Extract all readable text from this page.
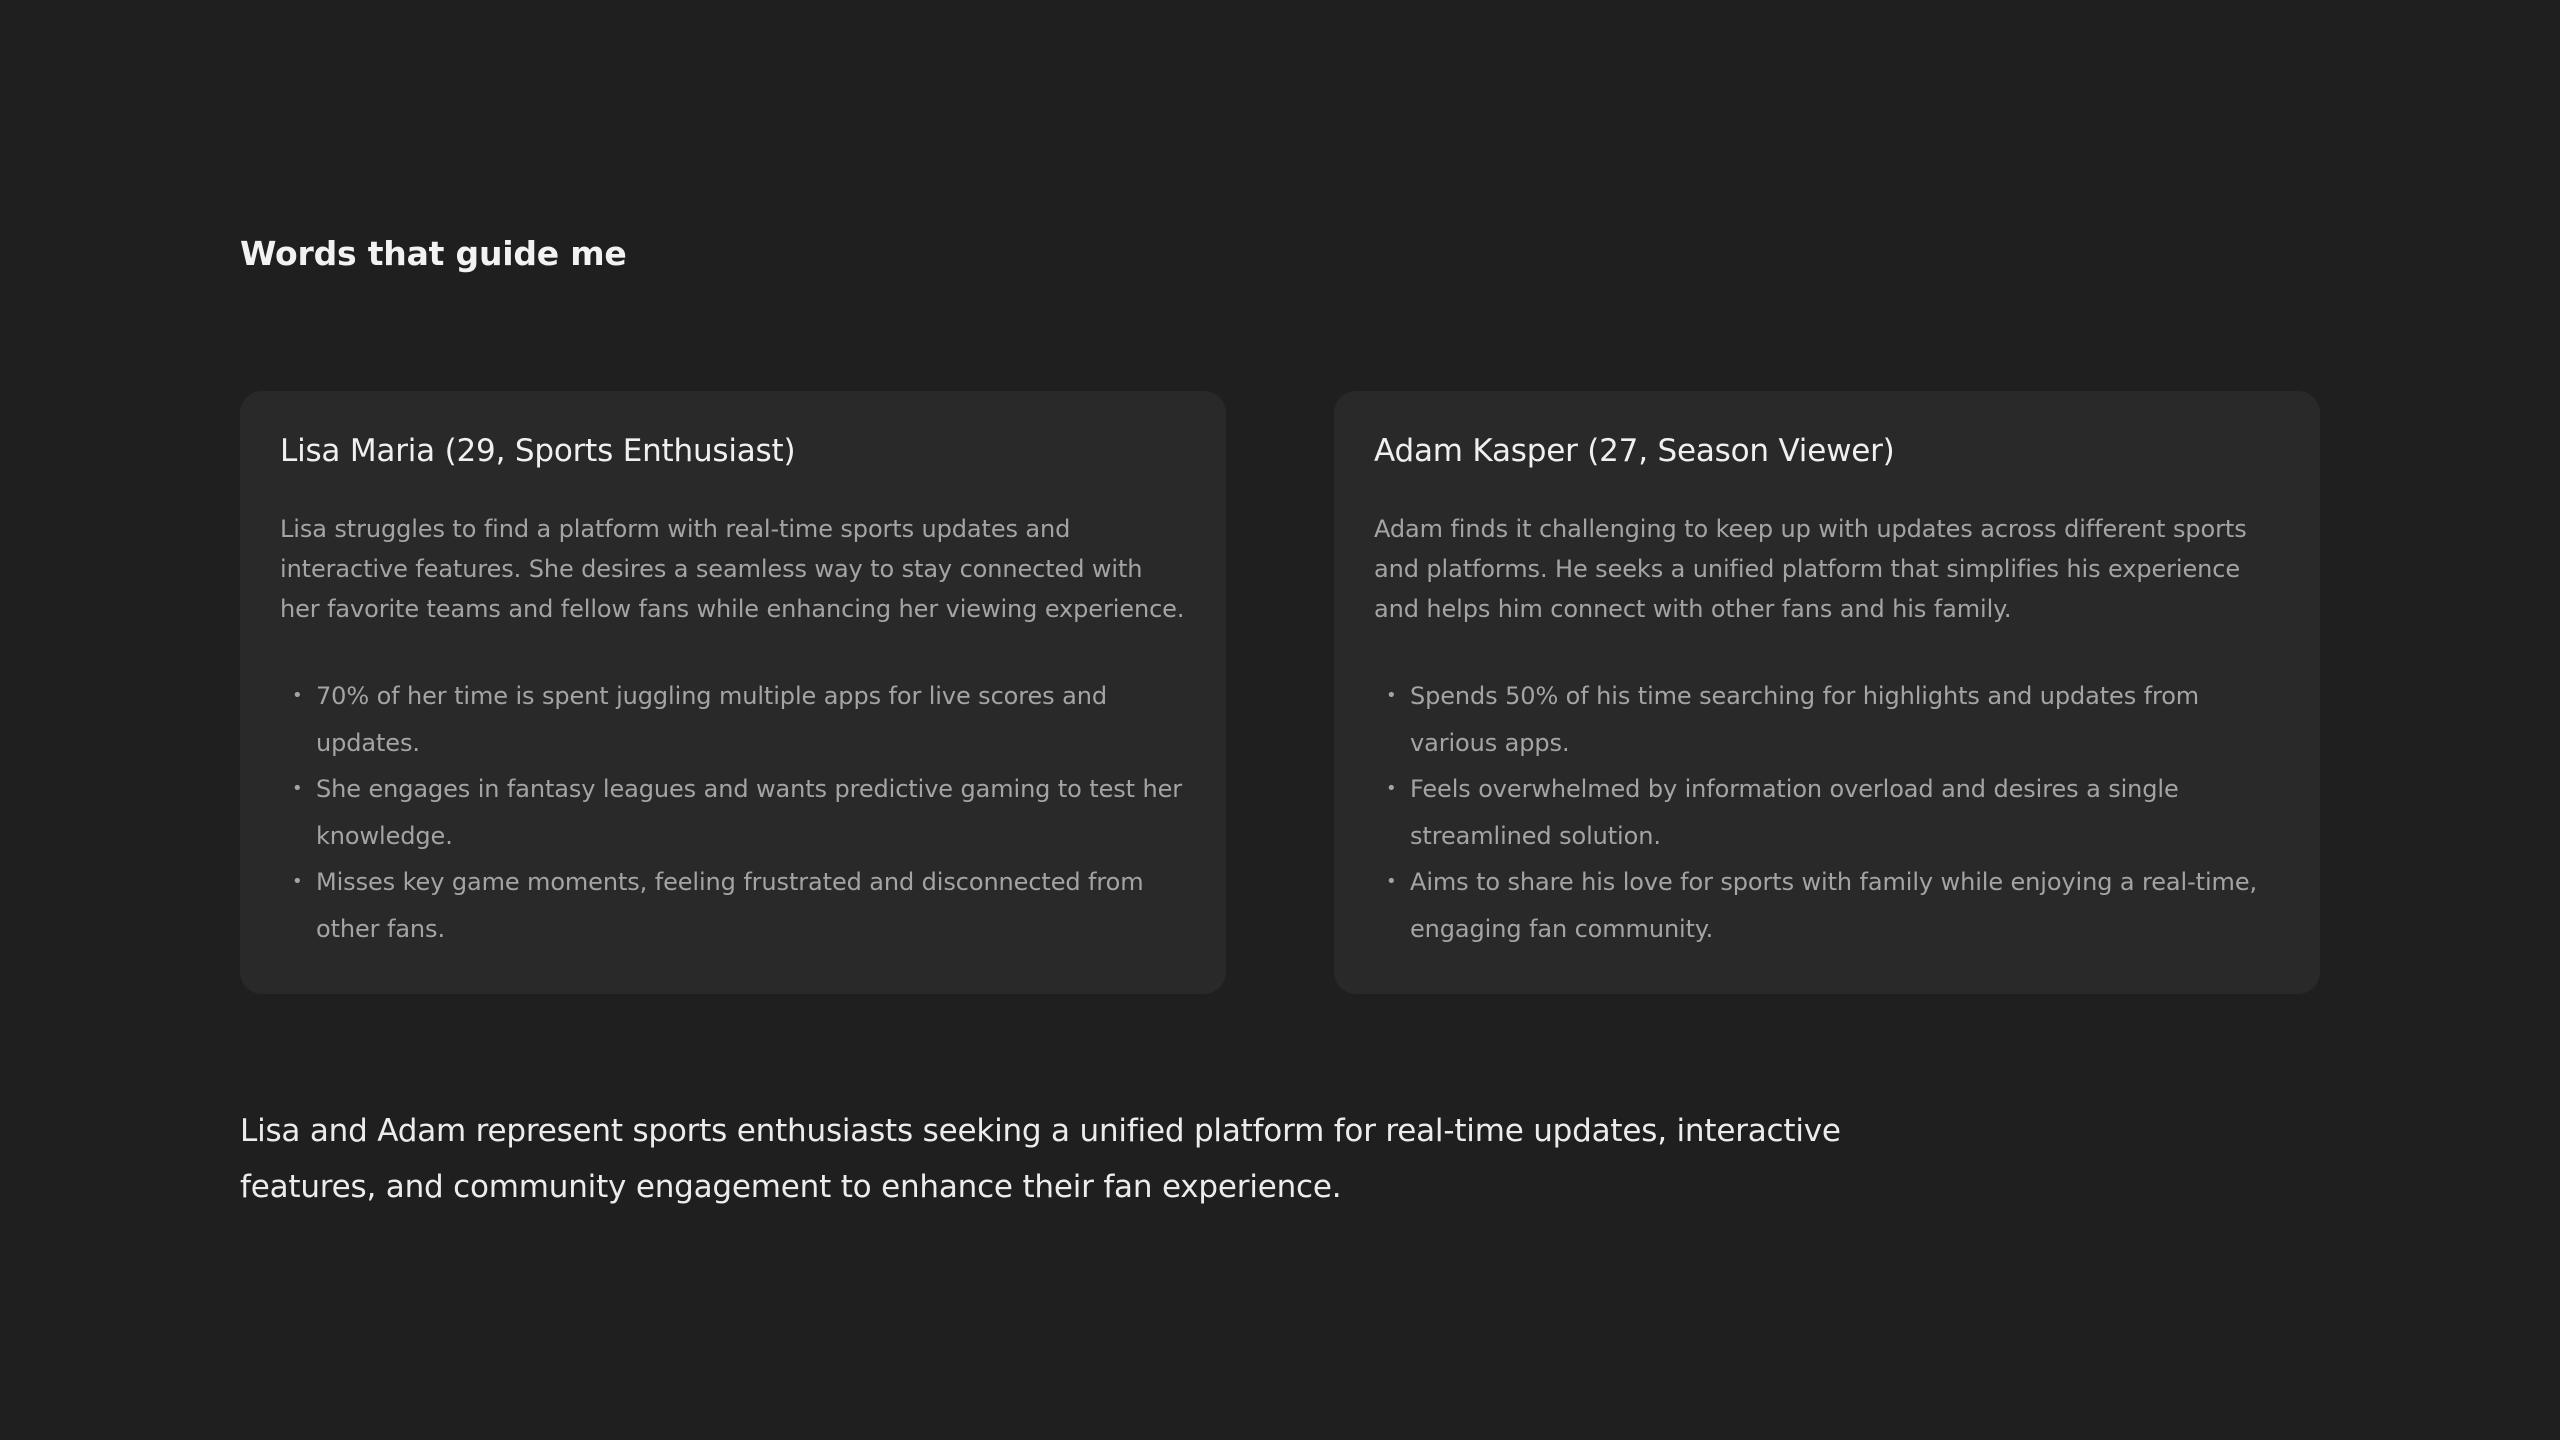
Words that guide me
Lisa Maria (29, Sports Enthusiast)

Lisa struggles to find a platform with real-time sports updates and interactive features. She desires a seamless way to stay connected with her favorite teams and fellow fans while enhancing her viewing experience.

• 70% of her time is spent juggling multiple apps for live scores and updates.
• She engages in fantasy leagues and wants predictive gaming to test her knowledge.
• Misses key game moments, feeling frustrated and disconnected from other fans.
Adam Kasper (27, Season Viewer)

Adam finds it challenging to keep up with updates across different sports and platforms. He seeks a unified platform that simplifies his experience and helps him connect with other fans and his family.

• Spends 50% of his time searching for highlights and updates from various apps.
• Feels overwhelmed by information overload and desires a single streamlined solution.
• Aims to share his love for sports with family while enjoying a real-time, engaging fan community.

Lisa and Adam represent sports enthusiasts seeking a unified platform for real-time updates, interactive features, and community engagement to enhance their fan experience.
